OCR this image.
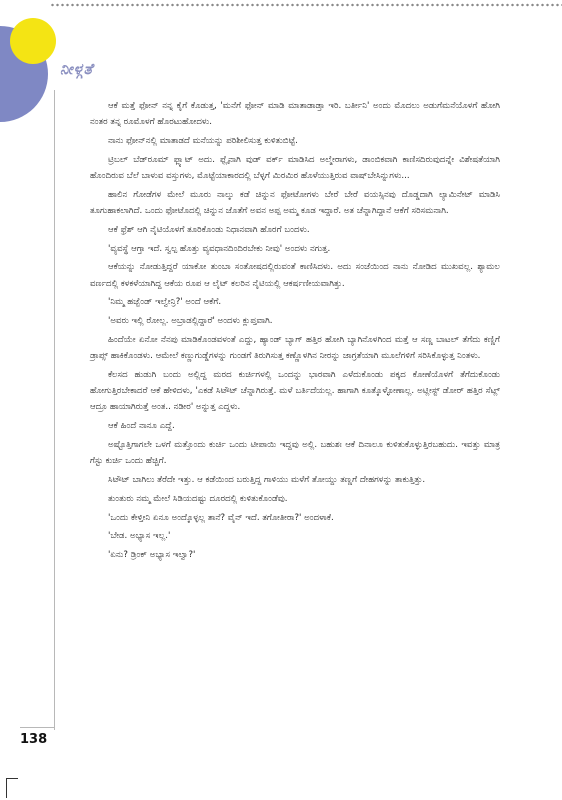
ನೀಳ್ಗತೆ
138

ಆಕೆ ಮತ್ತೆ ಫೋನ್ ನನ್ನ ಕೈಗೆ ಕೊಡುತ್ತ, 'ಮನೆಗೆ ಫೋನ್ ಮಾಡಿ ಮಾತಾಡಾಡ್ತಾ ಇರಿ. ಬರ್ತೀನಿ' ಅಂದು ಮೊದಲು ಅಡುಗೆಮನೆಯೊಳಗೆ ಹೋಗಿ ನಂತರ ತನ್ನ ರೂಮೊಳಗೆ ಹೊರಟುಹೋದಳು.

ನಾನು ಫೋನ್‌ನಲ್ಲಿ ಮಾತಾಡದೆ ಮನೆಯನ್ನು ಪರಿಶೀಲಿಸುತ್ತ ಕುಳಿತುಬಿಟ್ಟೆ.

ಟ್ರಿಬಲ್ ಬೆಡ್‌ರೂಮ್ ಫ್ಲ್ಯಾಟ್ ಅದು. ಫ್ಲೈನಾಗಿ ವುಡ್ ವರ್ಕ್ ಮಾಡಿಸಿದ ಅಲ್ಮೇರಾಗಳು, ಡಾಂಬಿಕವಾಗಿ ಕಾಣಿಸದಿರುವುದನ್ನೇ ವಿಶೇಷತೆಯಾಗಿ ಹೊಂದಿರುವ ಬೆಲೆ ಬಾಳುವ ವಸ್ತುಗಳು, ಮೊಟ್ಟೆಯಾಕಾರದಲ್ಲಿ ಬೆಳ್ಳಗೆ ಮಿರಮಿರ ಹೊಳೆಯುತ್ತಿರುವ ವಾಷ್‌ಬೇಸಿನ್ನುಗಳು...

ಹಾಲಿನ ಗೋಡೆಗಳ ಮೇಲೆ ಮೂರು ನಾಲ್ಕು ಕಡೆ ಚಿನ್ನುನ ಫೋಟೋಗಳು ಬೇರೆ ಬೇರೆ ವಯಸ್ಸಿನವು ದೊಡ್ಡದಾಗಿ ಲ್ಯಾಮಿನೇಟ್ ಮಾಡಿಸಿ ತೂಗುಹಾಕಲಾಗಿದೆ. ಒಂದು ಫೋಟೊದಲ್ಲಿ ಚಿನ್ನುನ ಜೊತೆಗೆ ಅವನ ಅಪ್ಪ ಅಮ್ಮ ಕೂಡ ಇದ್ದಾರೆ. ಅತ ಚೆನ್ನಾಗಿದ್ದಾನೆ ಆಕೆಗೆ ಸರಿಸಮನಾಗಿ.

ಆಕೆ ಫ್ರೆಶ್ ಆಗಿ ನೈಟಿಯೊಳಗೆ ತೂರಿಕೊಂಡು ನಿಧಾನವಾಗಿ ಹೊರಗೆ ಬಂದಳು.

'ವ್ಯವಸ್ಥೆ ಆಗ್ತಾ ಇದೆ. ಸ್ವಲ್ಪ ಹೊತ್ತು ವ್ಯವಧಾನದಿಂದಿರಬೇಕು ನೀವು' ಅಂದಳು ನಗುತ್ತ.

ಆಕೆಯನ್ನು ನೋಡುತ್ತಿದ್ದರೆ ಯಾಕೋ ತುಂಬಾ ಸಂತೋಷದಲ್ಲಿರುವಂತೆ ಕಾಣಿಸಿದಳು. ಅದು ಸಂಜೆಯಿಂದ ನಾನು ನೋಡಿದ ಮುಖವಲ್ಲ. ಶ್ಯಾಮಲ ವರ್ಣದಲ್ಲಿ ಕಳಕಳೆಯಾಗಿದ್ದ ಆಕೆಯ ರೂಪ ಆ ಲೈಟ್ ಕಲರಿನ ನೈಟಿಯಲ್ಲಿ ಆಕರ್ಷಣೀಯವಾಗಿತ್ತು.

'ನಿಮ್ಮ ಹಜ್ಬೆಂಡ್ ಇಲ್ವೇನ್ರಿ?' ಅಂದೆ ಆಕೆಗೆ.

'ಅವರು ಇಲ್ಲಿ ರೋಲ್ಲ. ಅಬ್ರಾಡಲ್ಲಿದ್ದಾರೆ' ಅಂದಳು ಕ್ಲುಪ್ತವಾಗಿ.

ಹಿಂದೆಯೇ ಏನೋ ನೆನಪು ಮಾಡಿಕೊಂಡವಳಂತೆ ಎದ್ದು, ಹ್ಯಾಂಡ್ ಬ್ಯಾಗ್ ಹತ್ತಿರ ಹೋಗಿ ಬ್ಯಾಗಿನೊಳಗಿಂದ ಮತ್ತೆ ಆ ಸಣ್ಣ ಬಾಟಲ್ ತೆಗೆದು ಕಣ್ಣಿಗೆ ಡ್ರಾಪ್ಸ್ ಹಾಕಿಕೊಂಡಳು. ಆಮೇಲೆ ಕಣ್ಣುಗುಡ್ಡೆಗಳನ್ನು ಗುಂಡಗೆ ತಿರುಗಿಸುತ್ತ ಕಣ್ಣೊಳಗಿನ ನೀರನ್ನು ಜಾಗ್ರತೆಯಾಗಿ ಮೂಲೆಗಳಿಗೆ ಸರಿಸಿಕೊಳ್ಳುತ್ತ ನಿಂತಳು.

ಕೆಲಸದ ಹುಡುಗಿ ಬಂದು ಅಲ್ಲಿದ್ದ ಮರದ ಕುರ್ಚಿಗಳಲ್ಲಿ ಒಂದನ್ನು ಭಾರವಾಗಿ ಎಳೆದುಕೊಂಡು ಪಕ್ಕದ ಕೋಣೆಯೊಳಗೆ ತೆಗೆದುಕೊಂಡು ಹೋಗುತ್ತಿರಬೇಕಾದರೆ ಆಕೆ ಹೇಳಿದಳು, 'ಎಕಡೆ ಸಿಟೌಟ್ ಚೆನ್ನಾಗಿರುತ್ತೆ. ಮಳೆ ಬರ್ತಿದೆಯಲ್ಲ. ಹಾಗಾಗಿ ಕೂತ್ಕೊಳ್ಳೋಣಾಲ್ಲ. ಅಟ್ಲೀಸ್ಟ್ ಡೋರ್ ಹತ್ತಿರ ಸೆಟ್ಲ್ ಆದ್ರೂ ಹಾಯಾಗಿರುತ್ತೆ ಅಂತ.. ನಡೀರ' ಅನ್ನುತ್ತ ಎದ್ದಳು.

ಆಕೆ ಹಿಂದೆ ನಾನೂ ಎದ್ದೆ.

ಅಷ್ಟೊತ್ತಿಗಾಗಲೇ ಒಳಗೆ ಮತ್ತೊಂದು ಕುರ್ಚಿ ಒಂದು ಟೀಪಾಯಿ ಇದ್ದವು ಅಲ್ಲಿ. ಬಹುಶಃ ಆಕೆ ದಿನಾಲೂ ಕುಳಿತುಕೊಳ್ಳುತ್ತಿರಬಹುದು. ಇವತ್ತು ಮಾತ್ರ ಗೆಸ್ಟು ಕುರ್ಚಿ ಒಂದು ಹೆಚ್ಚಿಗೆ.

ಸಿಟೌಟ್ ಬಾಗಿಲು ತೆರೆದೇ ಇತ್ತು. ಆ ಕಡೆಯಿಂದ ಬರುತ್ತಿದ್ದ ಗಾಳಿಯು ಮಳೆಗೆ ತೋಯ್ದು ತಣ್ಣಗೆ ದೇಹಗಳನ್ನು ತಾಕುತ್ತಿತ್ತು.

ತುಂತುರು ನಮ್ಮ ಮೇಲೆ ಸಿಡಿಯದಷ್ಟು ದೂರದಲ್ಲಿ ಕುಳಿತುಕೊಂಡೆವು.

'ಒಂದು ಕೇಳ್ತೀನಿ ಏನೂ ಅಂದ್ಕೊಳ್ಳಲ್ಲ ತಾನೆ? ವೈನ್ ಇದೆ. ತಗೋತೀರಾ?' ಅಂದಳಾಕೆ.

'ಬೇಡ. ಅಭ್ಯಾಸ ಇಲ್ಲ.'

'ಏನು? ಡ್ರಿಂಕ್ ಅಭ್ಯಾಸ ಇಲ್ವಾ?'
